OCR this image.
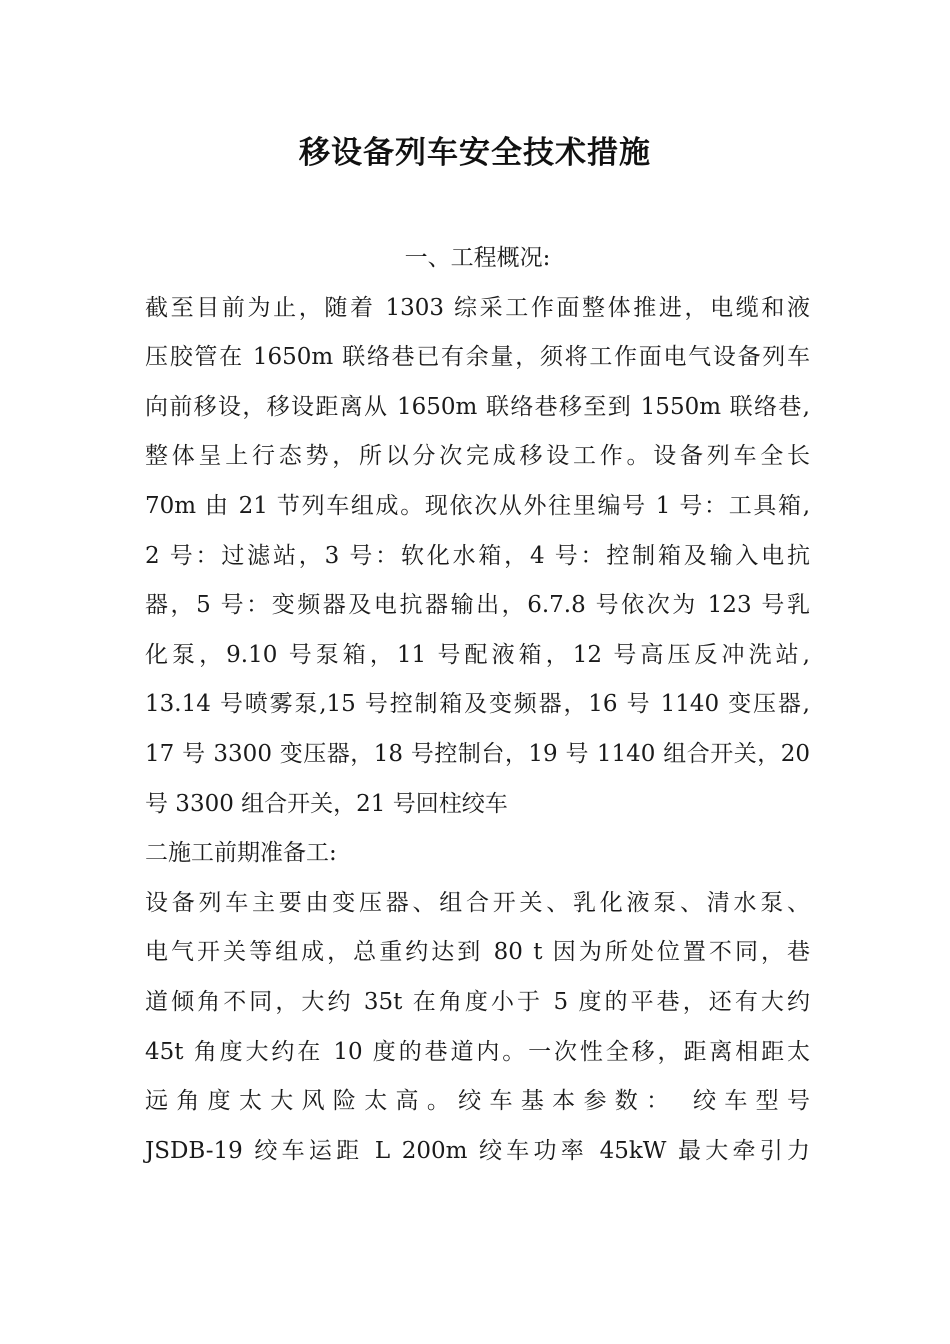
移设备列车安全技术措施
一、工程概况:
截至目前为止，随着 1303 综采工作面整体推进，电缆和液
压胶管在 1650m 联络巷已有余量，须将工作面电气设备列车
向前移设，移设距离从 1650m 联络巷移至到 1550m 联络巷,
整体呈上行态势，所以分次完成移设工作。设备列车全长
70m 由 21 节列车组成。现依次从外往里编号 1 号：工具箱,
2 号：过滤站，3 号：软化水箱，4 号：控制箱及输入电抗
器，5 号：变频器及电抗器输出，6.7.8 号依次为 123 号乳
化泵，9.10 号泵箱，11 号配液箱，12 号高压反冲洗站,
13.14 号喷雾泵,15 号控制箱及变频器，16 号 1140 变压器,
17 号 3300 变压器，18 号控制台，19 号 1140 组合开关，20
号 3300 组合开关，21 号回柱绞车
二施工前期准备工:
设备列车主要由变压器、组合开关、乳化液泵、清水泵、
电气开关等组成，总重约达到 80 t 因为所处位置不同，巷
道倾角不同，大约 35t 在角度小于 5 度的平巷，还有大约
45t 角度大约在 10 度的巷道内。一次性全移，距离相距太
远角度太大风险太高。绞车基本参数： 绞车型号
JSDB-19 绞车运距 L 200m 绞车功率 45kW 最大牵引力
